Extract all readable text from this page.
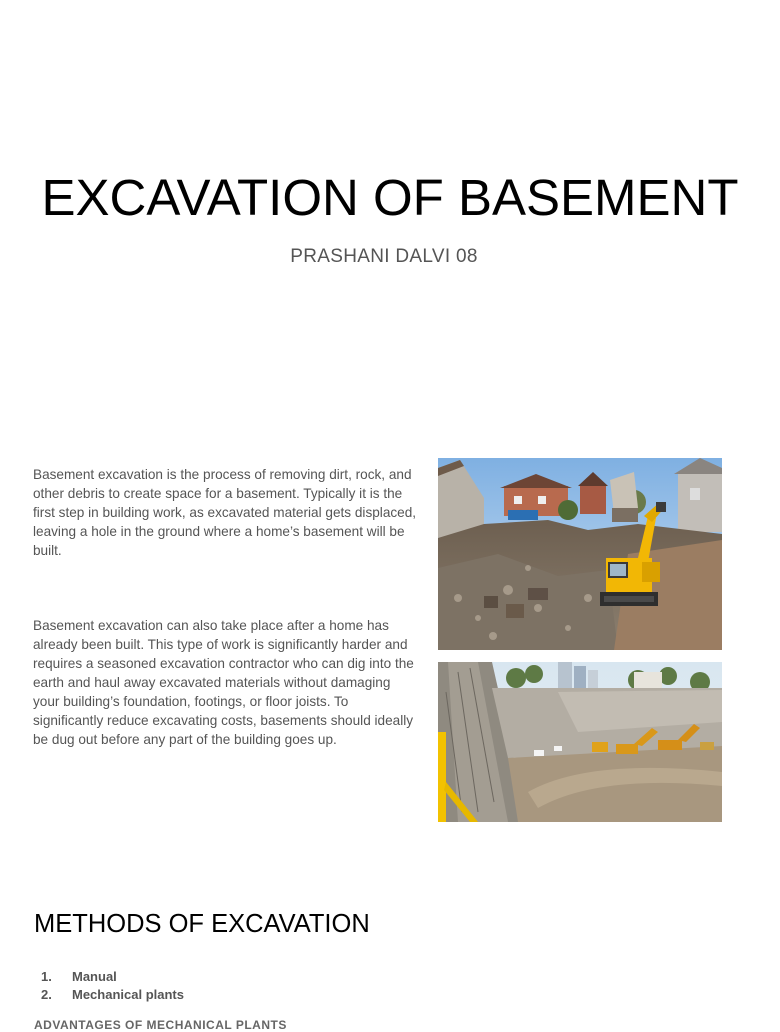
EXCAVATION OF BASEMENT
PRASHANI DALVI 08

Basement excavation is the process of removing dirt, rock, and other debris to create space for a basement. Typically it is the first step in building work, as excavated material gets displaced, leaving a hole in the ground where a home’s basement will be built.

Basement excavation can also take place after a home has already been built. This type of work is significantly harder and requires a seasoned excavation contractor who can dig into the earth and haul away excavated materials without damaging your building’s foundation, footings, or floor joists. To significantly reduce excavating costs, basements should ideally be dug out before any part of the building goes up.

METHODS OF EXCAVATION
1.	Manual
2.	Mechanical plants
ADVANTAGES OF MECHANICAL PLANTS
